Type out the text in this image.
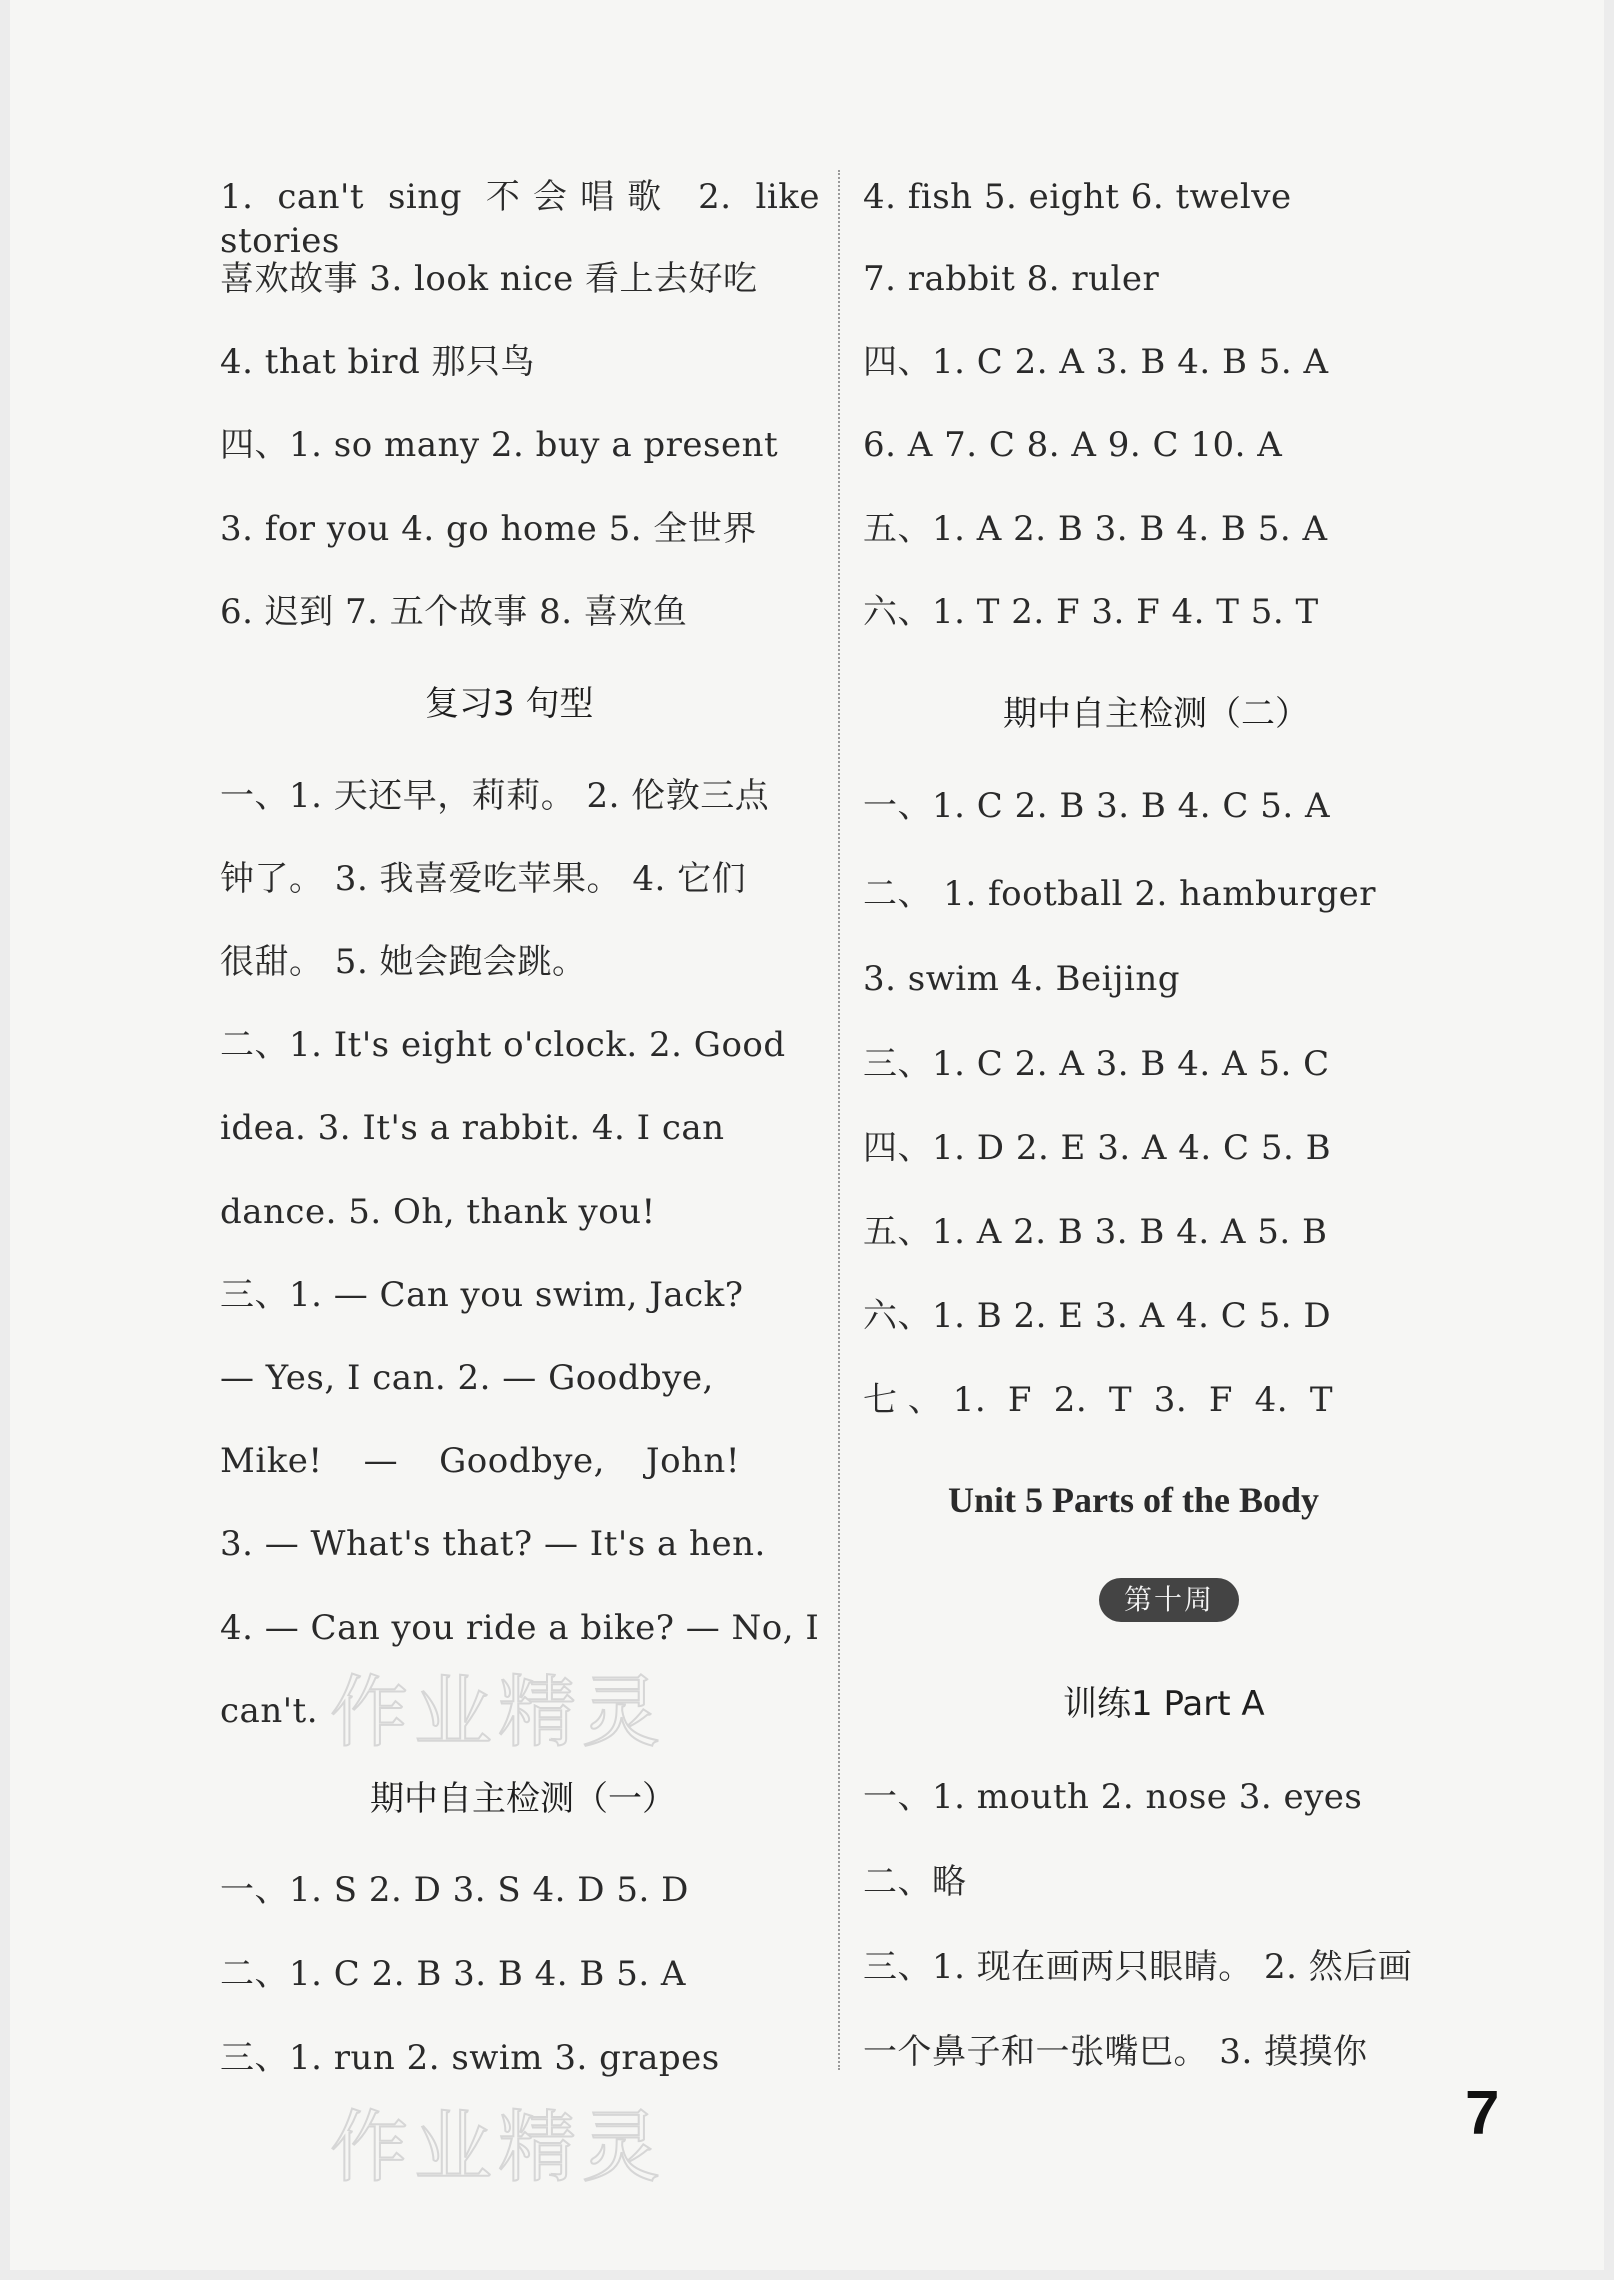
1. can't sing 不会唱歌 2. like stories
喜欢故事 3. look nice 看上去好吃
4. that bird 那只鸟
四、1. so many 2. buy a present
3. for you 4. go home 5. 全世界
6. 迟到 7. 五个故事 8. 喜欢鱼
复习3 句型
一、1. 天还早，莉莉。 2. 伦敦三点
钟了。 3. 我喜爱吃苹果。 4. 它们
很甜。 5. 她会跑会跳。
二、1. It's eight o'clock. 2. Good
idea. 3. It's a rabbit. 4. I can
dance. 5. Oh, thank you!
三、1. — Can you swim, Jack?
— Yes, I can. 2. — Goodbye,
Mike! — Goodbye, John!
3. — What's that? — It's a hen.
4. — Can you ride a bike? — No, I
can't.
期中自主检测（一）
一、1. S 2. D 3. S 4. D 5. D
二、1. C 2. B 3. B 4. B 5. A
三、1. run 2. swim 3. grapes
4. fish 5. eight 6. twelve
7. rabbit 8. ruler
四、1. C 2. A 3. B 4. B 5. A
6. A 7. C 8. A 9. C 10. A
五、1. A 2. B 3. B 4. B 5. A
六、1. T 2. F 3. F 4. T 5. T
期中自主检测（二）
一、1. C 2. B 3. B 4. C 5. A
二、 1. football 2. hamburger
3. swim 4. Beijing
三、1. C 2. A 3. B 4. A 5. C
四、1. D 2. E 3. A 4. C 5. B
五、1. A 2. B 3. B 4. A 5. B
六、1. B 2. E 3. A 4. C 5. D
七、1. F 2. T 3. F 4. T
Unit 5 Parts of the Body
第十周
训练1 Part A
一、1. mouth 2. nose 3. eyes
二、略
三、1. 现在画两只眼睛。 2. 然后画
一个鼻子和一张嘴巴。 3. 摸摸你
作业精灵
作业精灵	7
